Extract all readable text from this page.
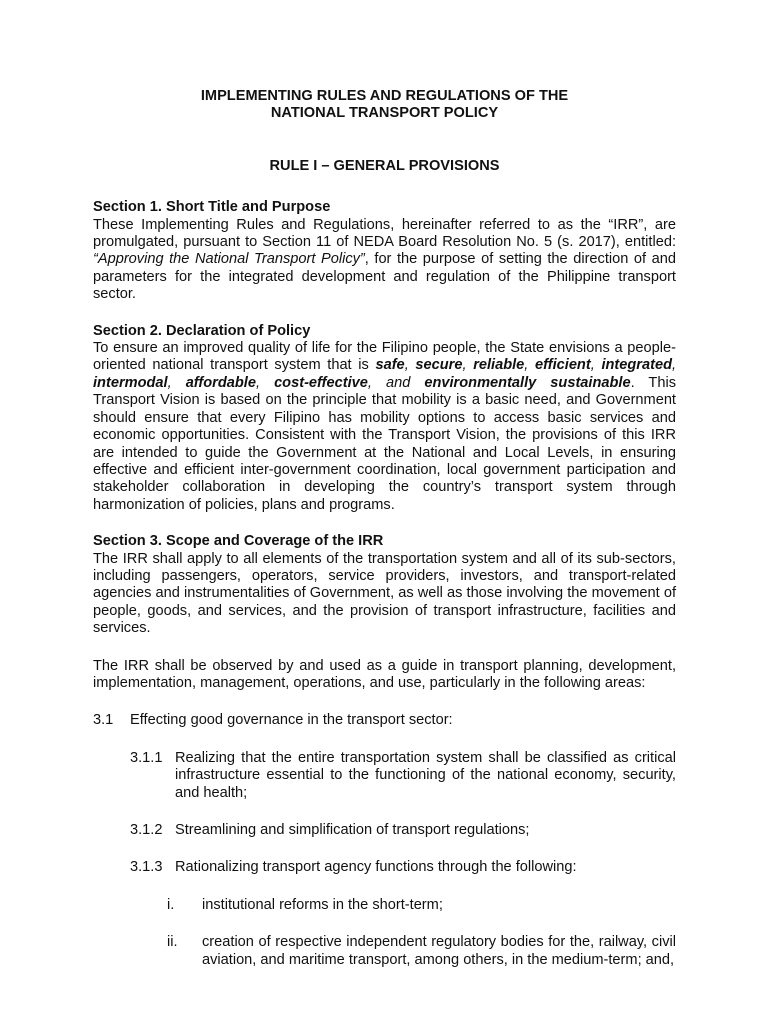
IMPLEMENTING RULES AND REGULATIONS OF THE
NATIONAL TRANSPORT POLICY

RULE I – GENERAL PROVISIONS

Section 1. Short Title and Purpose

These Implementing Rules and Regulations, hereinafter referred to as the “IRR”, are promulgated, pursuant to Section 11 of NEDA Board Resolution No. 5 (s. 2017), entitled: “Approving the National Transport Policy”, for the purpose of setting the direction of and parameters for the integrated development and regulation of the Philippine transport sector.

Section 2. Declaration of Policy

To ensure an improved quality of life for the Filipino people, the State envisions a people-oriented national transport system that is safe, secure, reliable, efficient, integrated, intermodal, affordable, cost-effective, and environmentally sustainable. This Transport Vision is based on the principle that mobility is a basic need, and Government should ensure that every Filipino has mobility options to access basic services and economic opportunities. Consistent with the Transport Vision, the provisions of this IRR are intended to guide the Government at the National and Local Levels, in ensuring effective and efficient inter-government coordination, local government participation and stakeholder collaboration in developing the country’s transport system through harmonization of policies, plans and programs.

Section 3. Scope and Coverage of the IRR

The IRR shall apply to all elements of the transportation system and all of its sub-sectors, including passengers, operators, service providers, investors, and transport-related agencies and instrumentalities of Government, as well as those involving the movement of people, goods, and services, and the provision of transport infrastructure, facilities and services.

The IRR shall be observed by and used as a guide in transport planning, development, implementation, management, operations, and use, particularly in the following areas:

3.1	Effecting good governance in the transport sector:
3.1.1 Realizing that the entire transportation system shall be classified as critical infrastructure essential to the functioning of the national economy, security, and health;
3.1.2 Streamlining and simplification of transport regulations;
3.1.3 Rationalizing transport agency functions through the following:
i.	institutional reforms in the short-term;
ii.	creation of respective independent regulatory bodies for the, railway, civil aviation, and maritime transport, among others, in the medium-term; and,
